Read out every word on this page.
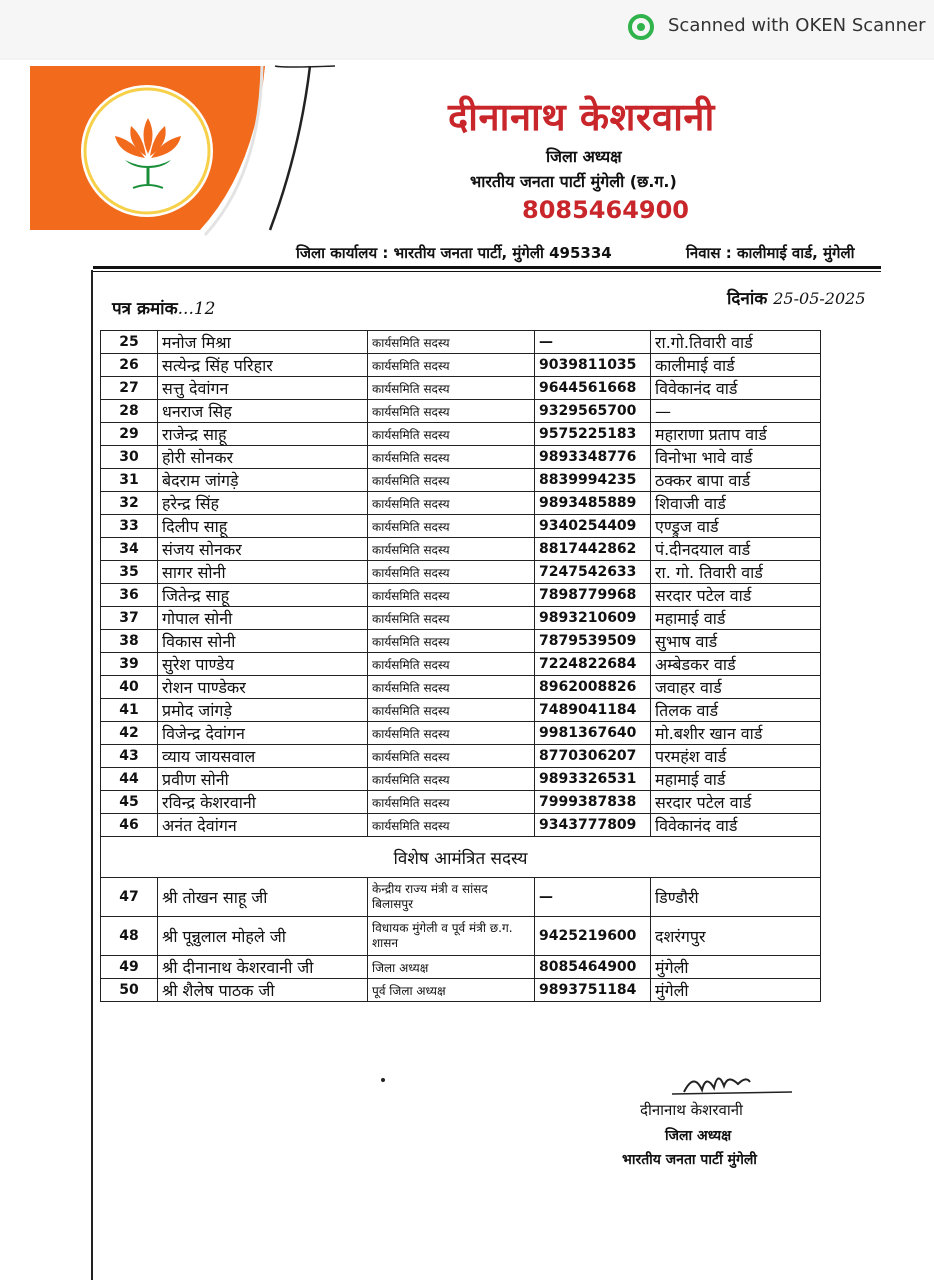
Scanned with OKEN Scanner
दीनानाथ केशरवानी
जिला अध्यक्ष
भारतीय जनता पार्टी मुंगेली (छ.ग.)
8085464900
जिला कार्यालय : भारतीय जनता पार्टी, मुंगेली 495334	निवास : कालीमाई वार्ड, मुंगेली
पत्र क्रमांक...12	दिनांक 25-05-2025
25	मनोज मिश्रा	कार्यसमिति सदस्य	—	रा.गो.तिवारी वार्ड
26	सत्येन्द्र सिंह परिहार	कार्यसमिति सदस्य	9039811035	कालीमाई वार्ड
27	सत्तु देवांगन	कार्यसमिति सदस्य	9644561668	विवेकानंद वार्ड
28	धनराज सिह	कार्यसमिति सदस्य	9329565700	—
29	राजेन्द्र साहू	कार्यसमिति सदस्य	9575225183	महाराणा प्रताप वार्ड
30	होरी सोनकर	कार्यसमिति सदस्य	9893348776	विनोभा भावे वार्ड
31	बेदराम जांगड़े	कार्यसमिति सदस्य	8839994235	ठक्कर बापा वार्ड
32	हरेन्द्र सिंह	कार्यसमिति सदस्य	9893485889	शिवाजी वार्ड
33	दिलीप साहू	कार्यसमिति सदस्य	9340254409	एण्ड्रुज वार्ड
34	संजय सोनकर	कार्यसमिति सदस्य	8817442862	पं.दीनदयाल वार्ड
35	सागर सोनी	कार्यसमिति सदस्य	7247542633	रा. गो. तिवारी वार्ड
36	जितेन्द्र साहू	कार्यसमिति सदस्य	7898779968	सरदार पटेल वार्ड
37	गोपाल सोनी	कार्यसमिति सदस्य	9893210609	महामाई वार्ड
38	विकास सोनी	कार्यसमिति सदस्य	7879539509	सुभाष वार्ड
39	सुरेश पाण्डेय	कार्यसमिति सदस्य	7224822684	अम्बेडकर वार्ड
40	रोशन पाण्डेकर	कार्यसमिति सदस्य	8962008826	जवाहर वार्ड
41	प्रमोद जांगड़े	कार्यसमिति सदस्य	7489041184	तिलक वार्ड
42	विजेन्द्र देवांगन	कार्यसमिति सदस्य	9981367640	मो.बशीर खान वार्ड
43	व्याय जायसवाल	कार्यसमिति सदस्य	8770306207	परमहंश वार्ड
44	प्रवीण सोनी	कार्यसमिति सदस्य	9893326531	महामाई वार्ड
45	रविन्द्र केशरवानी	कार्यसमिति सदस्य	7999387838	सरदार पटेल वार्ड
46	अनंत देवांगन	कार्यसमिति सदस्य	9343777809	विवेकानंद वार्ड
विशेष आमंत्रित सदस्य				
47	श्री तोखन साहू जी	केन्द्रीय राज्य मंत्री व सांसद बिलासपुर	—	डिण्डौरी
48	श्री पून्नुलाल मोहले जी	विधायक मुंगेली व पूर्व मंत्री छ.ग. शासन	9425219600	दशरंगपुर
49	श्री दीनानाथ केशरवानी जी	जिला अध्यक्ष	8085464900	मुंगेली
50	श्री शैलेष पाठक जी	पूर्व जिला अध्यक्ष	9893751184	मुंगेली
दीनानाथ केशरवानी
जिला अध्यक्ष
भारतीय जनता पार्टी मुंगेली
